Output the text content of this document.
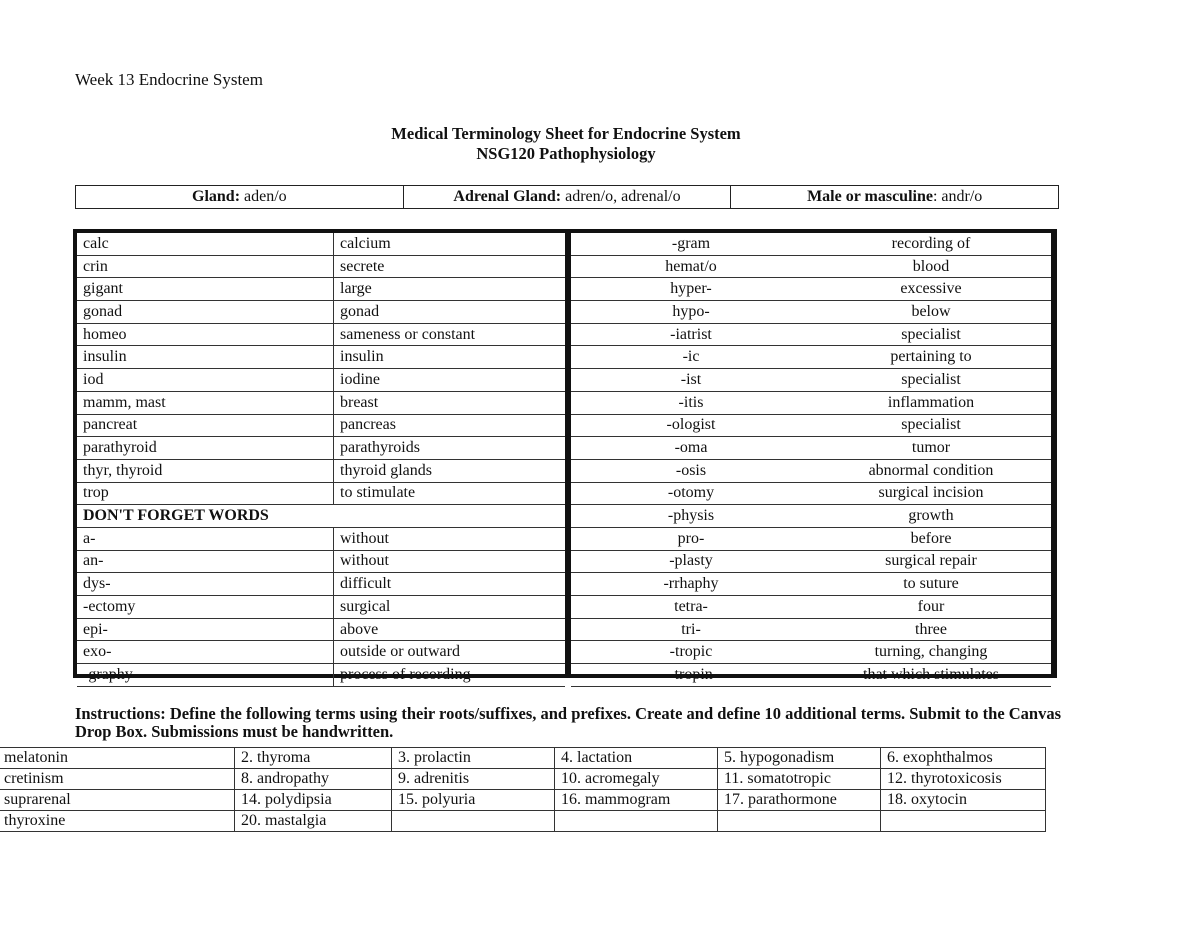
Week 13 Endocrine System
Medical Terminology Sheet for Endocrine System
NSG120 Pathophysiology
Gland: aden/o	Adrenal Gland: adren/o, adrenal/o	Male or masculine: andr/o
calc	calcium
crin	secrete
gigant	large
gonad	gonad
homeo	sameness or constant
insulin	insulin
iod	iodine
mamm, mast	breast
pancreat	pancreas
parathyroid	parathyroids
thyr, thyroid	thyroid glands
trop	to stimulate
DON'T FORGET WORDS	
a-	without
an-	without
dys-	difficult
-ectomy	surgical
epi-	above
exo-	outside or outward
-graphy	process of recording
-gram	recording of
hemat/o	blood
hyper-	excessive
hypo-	below
-iatrist	specialist
-ic	pertaining to
-ist	specialist
-itis	inflammation
-ologist	specialist
-oma	tumor
-osis	abnormal condition
-otomy	surgical incision
-physis	growth
pro-	before
-plasty	surgical repair
-rrhaphy	to suture
tetra-	four
tri-	three
-tropic	turning, changing
-tropin	that which stimulates
Instructions: Define the following terms using their roots/suffixes, and prefixes. Create and define 10 additional terms. Submit to the Canvas Drop Box. Submissions must be handwritten.
melatonin	2. thyroma	3. prolactin	4. lactation	5. hypogonadism	6. exophthalmos
cretinism	8. andropathy	9. adrenitis	10. acromegaly	11. somatotropic	12. thyrotoxicosis
suprarenal	14. polydipsia	15. polyuria	16. mammogram	17. parathormone	18. oxytocin
thyroxine	20. mastalgia				
